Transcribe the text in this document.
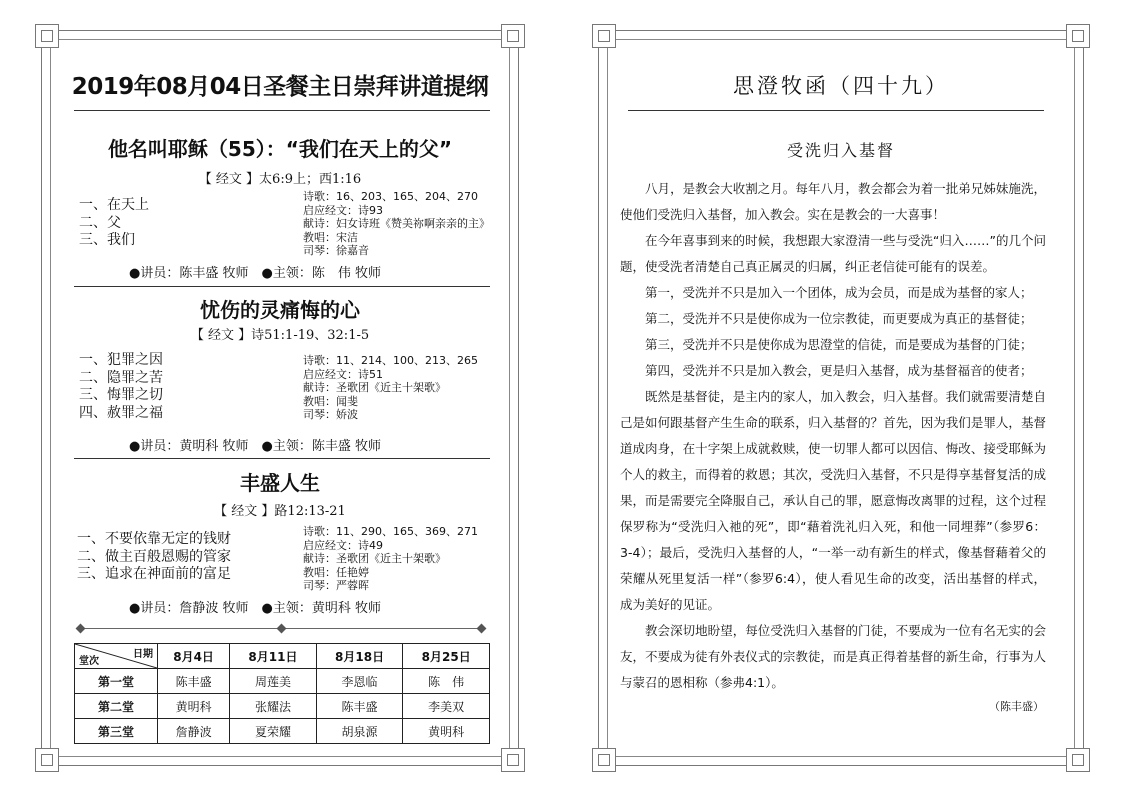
2019年08月04日圣餐主日崇拜讲道提纲
他名叫耶稣（55）：“我们在天上的父”
【 经文 】太6:9上；西1:16
一、在天上
二、父
三、我们
诗歌：16、203、165、204、270
启应经文：诗93
献诗：妇女诗班《赞美祢啊亲亲的主》
教唱：宋洁
司琴：徐嘉音
●讲员：陈丰盛 牧师　●主领：陈　伟 牧师
忧伤的灵痛悔的心
【 经文 】诗51:1-19、32:1-5
一、犯罪之因
二、隐罪之苦
三、悔罪之切
四、赦罪之福
诗歌：11、214、100、213、265
启应经文：诗51
献诗：圣歌团《近主十架歌》
教唱：闻斐
司琴：娇波
●讲员：黄明科 牧师　●主领：陈丰盛 牧师
丰盛人生
【 经文 】路12:13-21
一、不要依靠无定的钱财
二、做主百般恩赐的管家
三、追求在神面前的富足
诗歌：11、290、165、369、271
启应经文：诗49
献诗：圣歌团《近主十架歌》
教唱：任艳婷
司琴：严蓉晖
●讲员：詹静波 牧师　●主领：黄明科 牧师
日期
堂次	8月4日	8月11日	8月18日	8月25日
第一堂	陈丰盛	周莲美	李恩临	陈　伟
第二堂	黄明科	张耀法	陈丰盛	李美双
第三堂	詹静波	夏荣耀	胡泉源	黄明科
思澄牧函（四十九）
受洗归入基督

八月，是教会大收割之月。每年八月，教会都会为着一批弟兄姊妹施洗，使他们受洗归入基督，加入教会。实在是教会的一大喜事！

在今年喜事到来的时候，我想跟大家澄清一些与受洗“归入……”的几个问题，使受洗者清楚自己真正属灵的归属，纠正老信徒可能有的误差。

第一，受洗并不只是加入一个团体，成为会员，而是成为基督的家人；

第二，受洗并不只是使你成为一位宗教徒，而更要成为真正的基督徒；

第三，受洗并不只是使你成为思澄堂的信徒，而是要成为基督的门徒；

第四，受洗并不只是加入教会，更是归入基督，成为基督福音的使者；

既然是基督徒，是主内的家人，加入教会，归入基督。我们就需要清楚自己是如何跟基督产生生命的联系，归入基督的？首先，因为我们是罪人，基督道成肉身，在十字架上成就救赎，使一切罪人都可以因信、悔改、接受耶稣为个人的救主，而得着的救恩；其次，受洗归入基督，不只是得享基督复活的成果，而是需要完全降服自己，承认自己的罪，愿意悔改离罪的过程，这个过程保罗称为“受洗归入祂的死”，即“藉着洗礼归入死，和他一同埋葬”（参罗6：3-4）；最后，受洗归入基督的人，“一举一动有新生的样式，像基督藉着父的荣耀从死里复活一样”（参罗6:4），使人看见生命的改变，活出基督的样式，成为美好的见证。

教会深切地盼望，每位受洗归入基督的门徒，不要成为一位有名无实的会友，不要成为徒有外表仪式的宗教徒，而是真正得着基督的新生命，行事为人与蒙召的恩相称（参弗4:1）。

（陈丰盛）
